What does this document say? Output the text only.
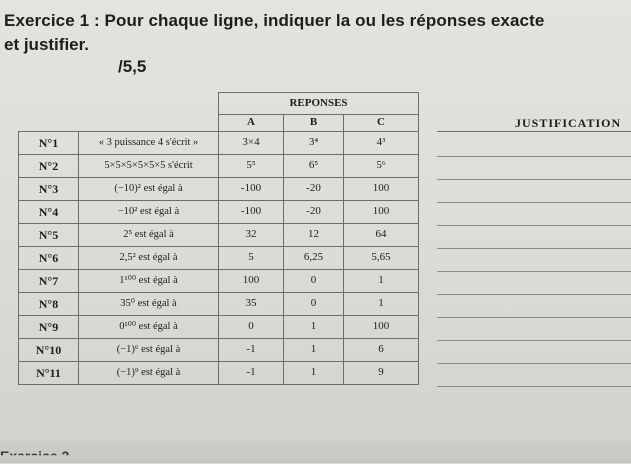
Exercice 1 : Pour chaque ligne, indiquer la ou les réponses exacte
et justifier.
/5,5
		REPONSES		
		A	B	C
N°1	« 3 puissance 4 s'écrit »	3×4	3⁴	4³
N°2	5×5×5×5×5×5 s'écrit	5⁵	6⁵	5⁶
N°3	(−10)² est égal à	-100	-20	100
N°4	−10² est égal à	-100	-20	100
N°5	2⁵ est égal à	32	12	64
N°6	2,5² est égal à	5	6,25	5,65
N°7	1¹⁰⁰ est égal à	100	0	1
N°8	35⁰ est égal à	35	0	1
N°9	0¹⁰⁰ est égal à	0	1	100
N°10	(−1)⁶ est égal à	-1	1	6
N°11	(−1)⁹ est égal à	-1	1	9
JUSTIFICATION
